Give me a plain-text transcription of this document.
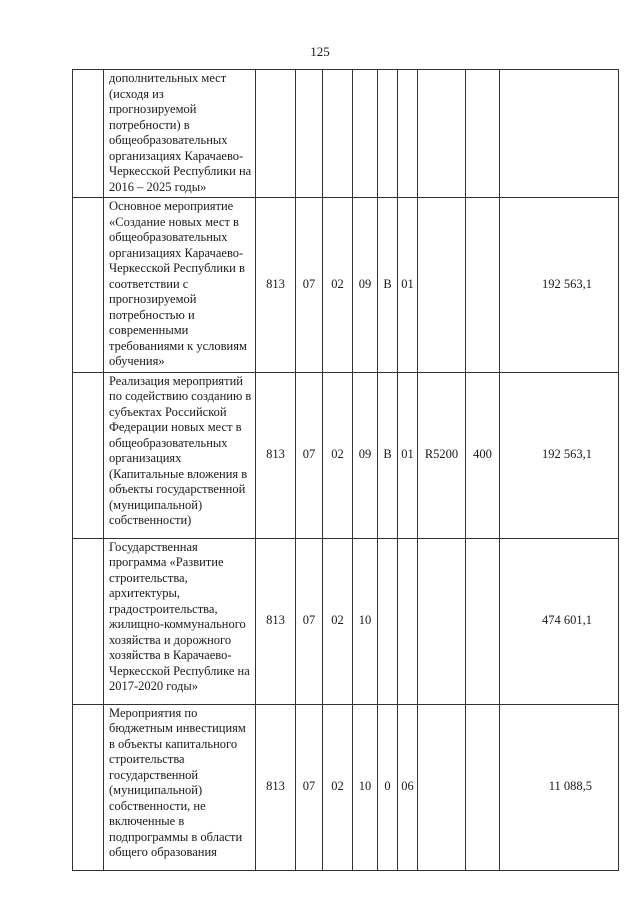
125
	дополнительных мест (исходя из прогнозируемой потребности) в общеобразовательных организациях Карачаево-Черкесской Республики на 2016 – 2025 годы»									
	Основное мероприятие «Создание новых мест в общеобразовательных организациях Карачаево-Черкесской Республики в соответствии с прогнозируемой потребностью и современными требованиями к условиям обучения»	813	07	02	09	В	01			192 563,1
	Реализация мероприятий по содействию созданию в субъектах Российской Федерации новых мест в общеобразовательных организациях (Капитальные вложения в объекты государственной (муниципальной) собственности)	813	07	02	09	В	01	R5200	400	192 563,1
	Государственная программа «Развитие строительства, архитектуры, градостроительства, жилищно-коммунального хозяйства и дорожного хозяйства в Карачаево-Черкесской Республике на 2017-2020 годы»	813	07	02	10					474 601,1
	Мероприятия по бюджетным инвестициям в объекты капитального строительства государственной (муниципальной) собственности, не включенные в подпрограммы в области общего образования	813	07	02	10	0	06			11 088,5
